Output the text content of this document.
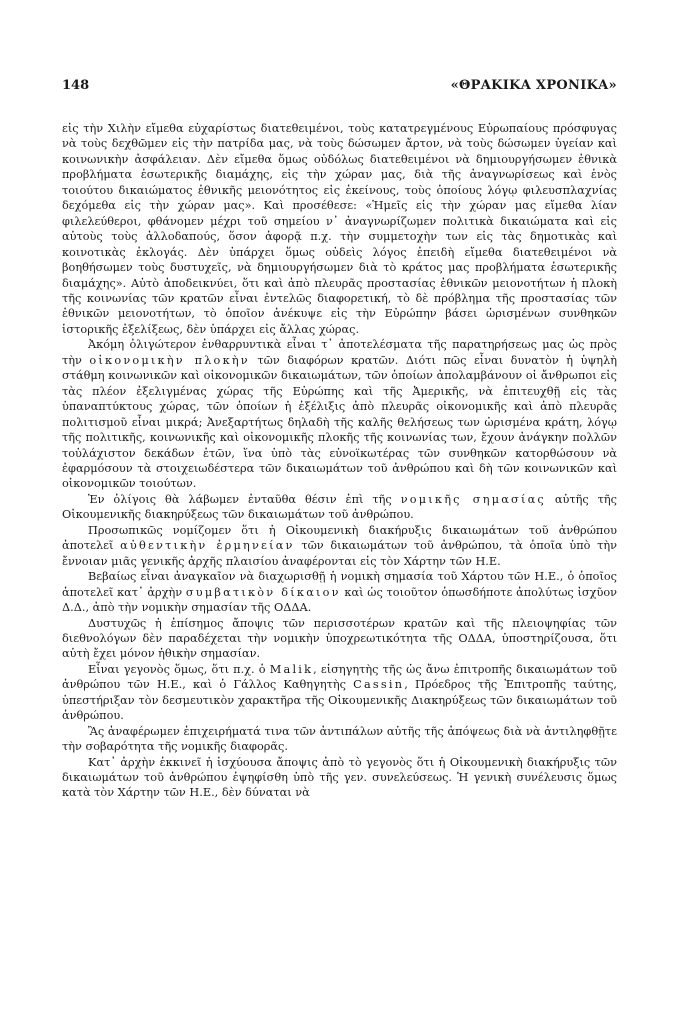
148	«ΘΡΑΚΙΚΑ ΧΡΟΝΙΚΑ»

εἰς τὴν Χιλὴν εἴμεθα εὐχαρίστως διατεθειμένοι, τοὺς κατατρεγμένους Εὐρωπαίους πρόσφυγας νὰ τοὺς δεχθῶμεν εἰς τὴν πατρίδα μας, νὰ τοὺς δώσωμεν ἄρτον, νὰ τοὺς δώσωμεν ὑγείαν καὶ κοινωνικὴν ἀσφάλειαν. Δὲν εἴμεθα ὅμως οὐδόλως διατεθειμένοι νὰ δημιουργήσωμεν ἐθνικὰ προβλήματα ἐσωτερικῆς διαμάχης, εἰς τὴν χώραν μας, διὰ τῆς ἀναγνωρίσεως καὶ ἑνὸς τοιούτου δικαιώματος ἐθνικῆς μειονότητος εἰς ἐκείνους, τοὺς ὁποίους λόγῳ φιλευσπλαχνίας δεχόμεθα εἰς τὴν χώραν μας». Καὶ προσέθεσε: «Ἡμεῖς εἰς τὴν χώραν μας εἴμεθα λίαν φιλελεύθεροι, φθάνομεν μέχρι τοῦ σημείου ν᾽ ἀναγνωρίζωμεν πολιτικὰ δικαιώματα καὶ εἰς αὐτοὺς τοὺς ἀλλοδαπούς, ὅσον ἀφορᾷ π.χ. τὴν συμμετοχὴν των εἰς τὰς δημοτικὰς καὶ κοινοτικὰς ἐκλογάς. Δὲν ὑπάρχει ὅμως οὐδεὶς λόγος ἐπειδὴ εἴμεθα διατεθειμένοι νὰ βοηθήσωμεν τοὺς δυστυχεῖς, νὰ δημιουργήσωμεν διὰ τὸ κράτος μας προβλήματα ἐσωτερικῆς διαμάχης». Αὐτὸ ἀποδεικνύει, ὅτι καὶ ἀπὸ πλευρᾶς προστασίας ἐθνικῶν μειονοτήτων ἡ πλοκὴ τῆς κοινωνίας τῶν κρατῶν εἶναι ἐντελῶς διαφορετική, τὸ δὲ πρόβλημα τῆς προστασίας τῶν ἐθνικῶν μειονοτήτων, τὸ ὁποῖον ἀνέκυψε εἰς τὴν Εὐρώπην βάσει ὡρισμένων συνθηκῶν ἱστορικῆς ἐξελίξεως, δὲν ὑπάρχει εἰς ἄλλας χώρας.

Ἀκόμη ὀλιγώτερον ἐνθαρρυντικὰ εἶναι τ᾽ ἀποτελέσματα τῆς παρατηρήσεως μας ὡς πρὸς τὴν οἰκονομικὴν πλοκὴν τῶν διαφόρων κρατῶν. Διότι πῶς εἶναι δυνατὸν ἡ ὑψηλὴ στάθμη κοινωνικῶν καὶ οἰκονομικῶν δικαιωμάτων, τῶν ὁποίων ἀπολαμβάνουν οἱ ἄνθρωποι εἰς τὰς πλέον ἐξελιγμένας χώρας τῆς Εὐρώπης καὶ τῆς Ἀμερικῆς, νὰ ἐπιτευχθῇ εἰς τὰς ὑπαναπτύκτους χώρας, τῶν ὁποίων ἡ ἐξέλιξις ἀπὸ πλευρᾶς οἰκονομικῆς καὶ ἀπὸ πλευρᾶς πολιτισμοῦ εἶναι μικρά; Ἀνεξαρτήτως δηλαδὴ τῆς καλῆς θελήσεως των ὡρισμένα κράτη, λόγῳ τῆς πολιτικῆς, κοινωνικῆς καὶ οἰκονομικῆς πλοκῆς τῆς κοινωνίας των, ἔχουν ἀνάγκην πολλῶν τοὐλάχιστον δεκάδων ἐτῶν, ἵνα ὑπὸ τὰς εὐνοϊκωτέρας τῶν συνθηκῶν κατορθώσουν νὰ ἐφαρμόσουν τὰ στοιχειωδέστερα τῶν δικαιωμάτων τοῦ ἀνθρώπου καὶ δὴ τῶν κοινωνικῶν καὶ οἰκονομικῶν τοιούτων.

Ἐν ὀλίγοις θὰ λάβωμεν ἐνταῦθα θέσιν ἐπὶ τῆς νομικῆς σημασίας αὐτῆς τῆς Οἰκουμενικῆς διακηρύξεως τῶν δικαιωμάτων τοῦ ἀνθρώπου.

Προσωπικῶς νομίζομεν ὅτι ἡ Οἰκουμενικὴ διακήρυξις δικαιωμάτων τοῦ ἀνθρώπου ἀποτελεῖ αὐθεντικὴν ἑρμηνείαν τῶν δικαιωμάτων τοῦ ἀνθρώπου, τὰ ὁποῖα ὑπὸ τὴν ἔννοιαν μιᾶς γενικῆς ἀρχῆς πλαισίου ἀναφέρονται εἰς τὸν Χάρτην τῶν Η.Ε.

Βεβαίως εἶναι ἀναγκαῖον νὰ διαχωρισθῇ ἡ νομικὴ σημασία τοῦ Χάρτου τῶν Η.Ε., ὁ ὁποῖος ἀποτελεῖ κατ᾽ ἀρχὴν συμβατικὸν δίκαιον καὶ ὡς τοιοῦτον ὁπωσδήποτε ἀπολύτως ἰσχῦον Δ.Δ., ἀπὸ τὴν νομικὴν σημασίαν τῆς ΟΔΔΑ.

Δυστυχῶς ἡ ἐπίσημος ἄποψις τῶν περισσοτέρων κρατῶν καὶ τῆς πλειοψηφίας τῶν διεθνολόγων δὲν παραδέχεται τὴν νομικὴν ὑποχρεωτικότητα τῆς ΟΔΔΑ, ὑποστηρίζουσα, ὅτι αὐτὴ ἔχει μόνον ἠθικὴν σημασίαν.

Εἶναι γεγονὸς ὅμως, ὅτι π.χ. ὁ Malik, εἰσηγητὴς τῆς ὡς ἄνω ἐπιτροπῆς δικαιωμάτων τοῦ ἀνθρώπου τῶν Η.Ε., καὶ ὁ Γάλλος Καθηγητὴς Cassin, Πρόεδρος τῆς Ἐπιτροπῆς ταύτης, ὑπεστήριξαν τὸν δεσμευτικὸν χαρακτῆρα τῆς Οἰκουμενικῆς Διακηρύξεως τῶν δικαιωμάτων τοῦ ἀνθρώπου.

Ἂς ἀναφέρωμεν ἐπιχειρήματά τινα τῶν ἀντιπάλων αὐτῆς τῆς ἀπόψεως διὰ νὰ ἀντιληφθῇτε τὴν σοβαρότητα τῆς νομικῆς διαφορᾶς.

Κατ᾽ ἀρχὴν ἐκκινεῖ ἡ ἰσχύουσα ἄποψις ἀπὸ τὸ γεγονὸς ὅτι ἡ Οἰκουμενικὴ διακήρυξις τῶν δικαιωμάτων τοῦ ἀνθρώπου ἐψηφίσθη ὑπὸ τῆς γεν. συνελεύσεως. Ἡ γενικὴ συνέλευσις ὅμως κατὰ τὸν Χάρτην τῶν Η.Ε., δὲν δύναται νὰ
